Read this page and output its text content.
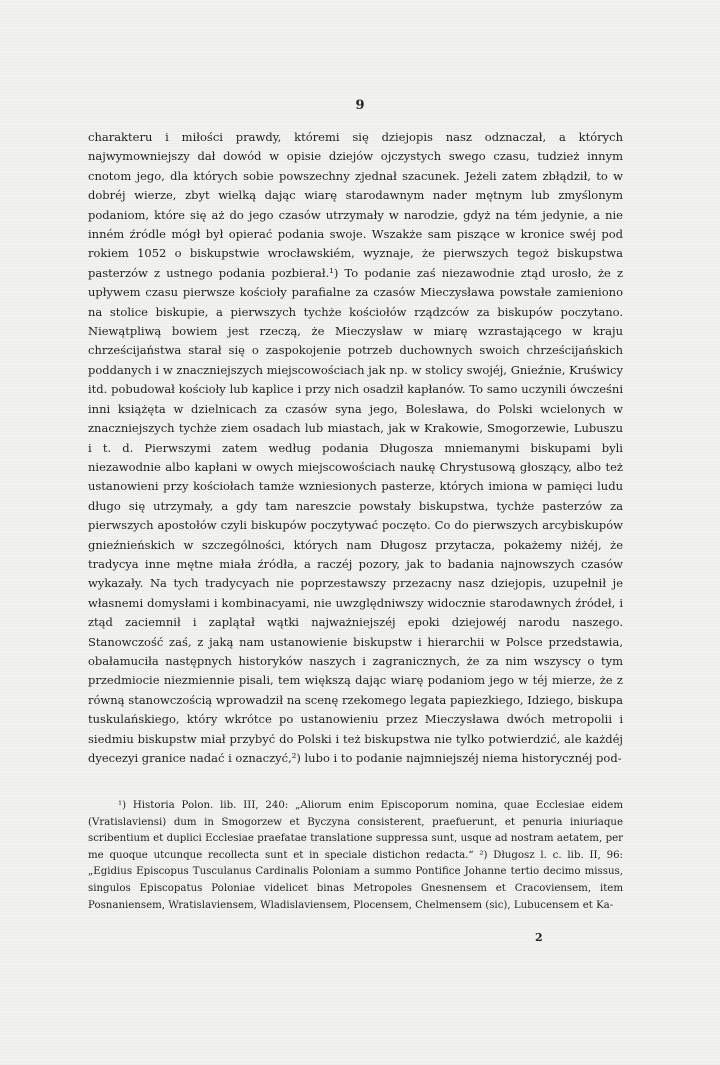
9

charakteru i miłości prawdy, któremi się dziejopis nasz odznaczał, a których najwymowniejszy dał dowód w opisie dziejów ojczystych swego czasu, tudzież innym cnotom jego, dla których sobie powszechny zjednał szacunek. Jeżeli zatem zbłądził, to w dobréj wierze, zbyt wielką dając wiarę starodawnym nader mętnym lub zmyślonym podaniom, które się aż do jego czasów utrzymały w narodzie, gdyż na tém jedynie, a nie inném źródle mógł był opierać podania swoje. Wszakże sam piszące w kronice swéj pod rokiem 1052 o biskupstwie wrocławskiém, wyznaje, że pierwszych tegoż biskupstwa pasterzów z ustnego podania pozbierał.¹) To podanie zaś niezawodnie ztąd urosło, że z upływem czasu pierwsze kościoły parafialne za czasów Mieczysława powstałe zamieniono na stolice biskupie, a pierwszych tychże kościołów rządzców za biskupów poczytano. Niewątpliwą bowiem jest rzeczą, że Mieczysław w miarę wzrastającego w kraju chrześcijaństwa starał się o zaspokojenie potrzeb duchownych swoich chrześcijańskich poddanych i w znaczniejszych miejscowościach jak np. w stolicy swojéj, Gnieźnie, Kruświcy itd. pobudował kościoły lub kaplice i przy nich osadził kapłanów. To samo uczynili ówcześni inni książęta w dzielnicach za czasów syna jego, Bolesława, do Polski wcielonych w znaczniejszych tychże ziem osadach lub miastach, jak w Krakowie, Smogorzewie, Lubuszu i t. d. Pierwszymi zatem według podania Długosza mniemanymi biskupami byli niezawodnie albo kapłani w owych miejscowościach naukę Chrystusową głoszący, albo też ustanowieni przy kościołach tamże wzniesionych pasterze, których imiona w pamięci ludu długo się utrzymały, a gdy tam nareszcie powstały biskupstwa, tychże pasterzów za pierwszych apostołów czyli biskupów poczytywać poczęto. Co do pierwszych arcybiskupów gnieźnieńskich w szczególności, których nam Długosz przytacza, pokażemy niżéj, że tradycya inne mętne miała źródła, a raczéj pozory, jak to badania najnowszych czasów wykazały. Na tych tradycyach nie poprzestawszy przezacny nasz dziejopis, uzupełnił je własnemi domysłami i kombinacyami, nie uwzględniwszy widocznie starodawnych źródeł, i ztąd zaciemnił i zaplątał wątki najważniejszéj epoki dziejowéj narodu naszego. Stanowczość zaś, z jaką nam ustanowienie biskupstw i hierarchii w Polsce przedstawia, obałamuciła następnych historyków naszych i zagranicznych, że za nim wszyscy o tym przedmiocie niezmiennie pisali, tem większą dając wiarę podaniom jego w téj mierze, że z równą stanowczością wprowadził na scenę rzekomego legata papiezkiego, Idziego, biskupa tuskulańskiego, który wkrótce po ustanowieniu przez Mieczysława dwóch metropolii i siedmiu biskupstw miał przybyć do Polski i też biskupstwa nie tylko potwierdzić, ale każdéj dyecezyi granice nadać i oznaczyć,²) lubo i to podanie najmniejszéj niema historycznéj pod-

¹) Historia Polon. lib. III, 240: „Aliorum enim Episcoporum nomina, quae Ecclesiae eidem (Vratislaviensi) dum in Smogorzew et Byczyna consisterent, praefuerunt, et penuria iniuriaque scribentium et duplici Ecclesiae praefatae translatione suppressa sunt, usque ad nostram aetatem, per me quoque utcunque recollecta sunt et in speciale distichon redacta.“ ²) Długosz l. c. lib. II, 96: „Egidius Episcopus Tusculanus Cardinalis Poloniam a summo Pontifice Johanne tertio decimo missus, singulos Episcopatus Poloniae videlicet binas Metropoles Gnesnensem et Cracoviensem, item Posnaniensem, Wratislaviensem, Wladislaviensem, Plocensem, Chelmensem (sic), Lubucensem et Ka-

2
